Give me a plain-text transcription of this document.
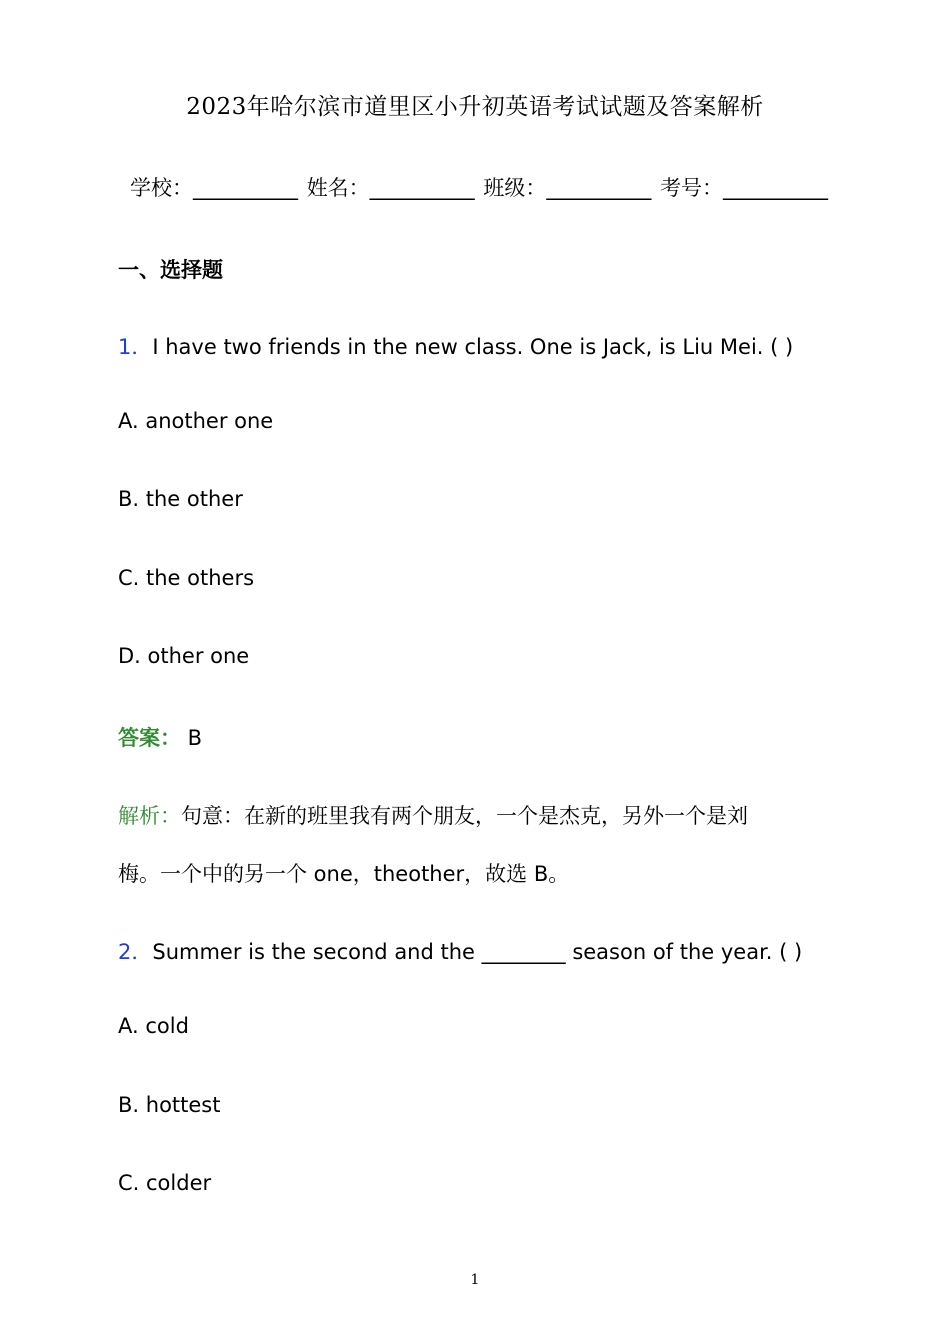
2023年哈尔滨市道里区小升初英语考试试题及答案解析
学校：__________ 姓名：__________ 班级：__________ 考号：__________
一、选择题
1．I have two friends in the new class. One is Jack, is Liu Mei. ( )
A. another one
B. the other
C. the others
D. other one
答案： B
解析：句意：在新的班里我有两个朋友，一个是杰克，另外一个是刘
梅。一个中的另一个 one，theother，故选 B。
2．Summer is the second and the ________ season of the year. ( )
A. cold
B. hottest
C. colder
1
